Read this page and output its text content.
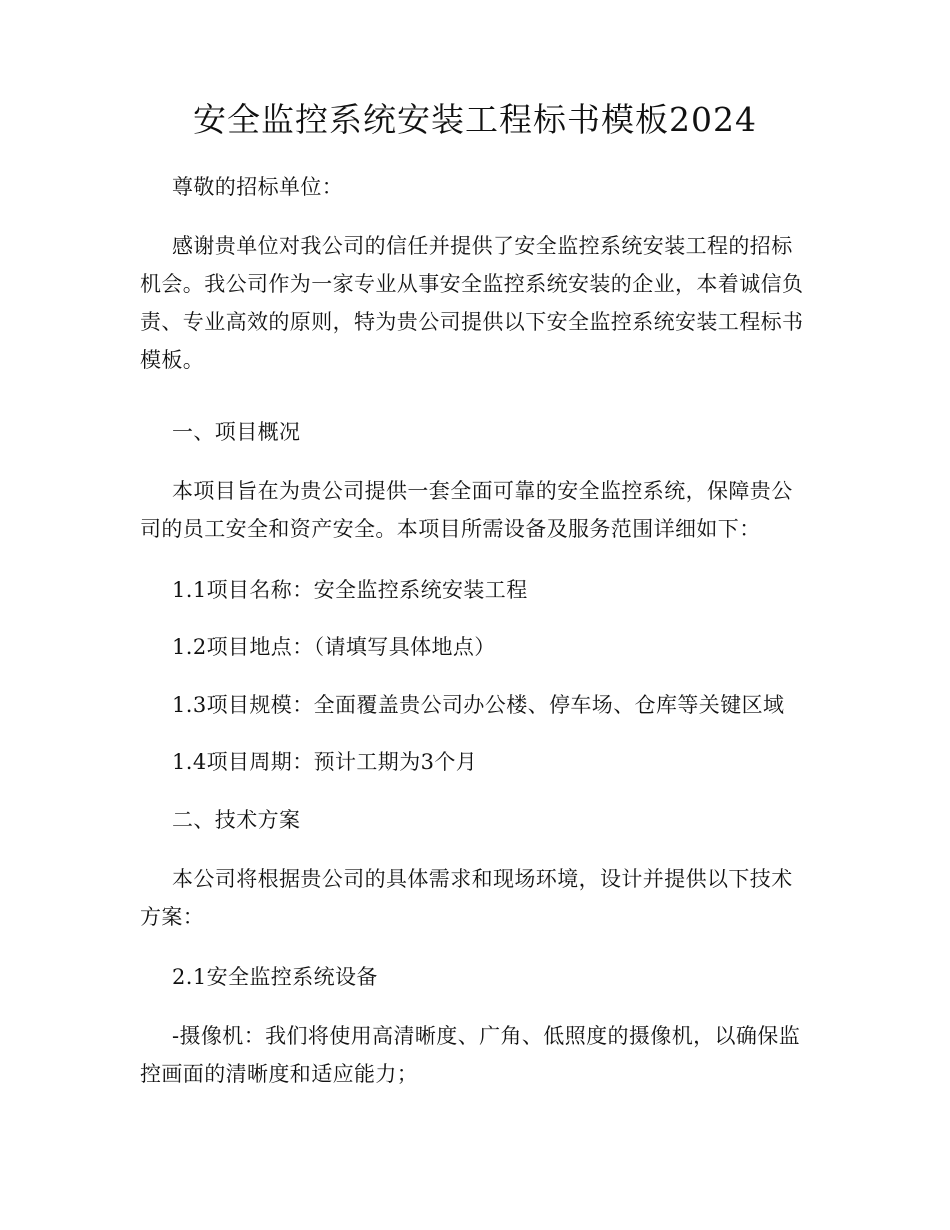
安全监控系统安装工程标书模板2024

尊敬的招标单位：

感谢贵单位对我公司的信任并提供了安全监控系统安装工程的招标机会。我公司作为一家专业从事安全监控系统安装的企业，本着诚信负责、专业高效的原则，特为贵公司提供以下安全监控系统安装工程标书模板。

一、项目概况

本项目旨在为贵公司提供一套全面可靠的安全监控系统，保障贵公司的员工安全和资产安全。本项目所需设备及服务范围详细如下：

1.1项目名称：安全监控系统安装工程

1.2项目地点：（请填写具体地点）

1.3项目规模：全面覆盖贵公司办公楼、停车场、仓库等关键区域

1.4项目周期：预计工期为3个月

二、技术方案

本公司将根据贵公司的具体需求和现场环境，设计并提供以下技术方案：

2.1安全监控系统设备

-摄像机：我们将使用高清晰度、广角、低照度的摄像机，以确保监控画面的清晰度和适应能力；
